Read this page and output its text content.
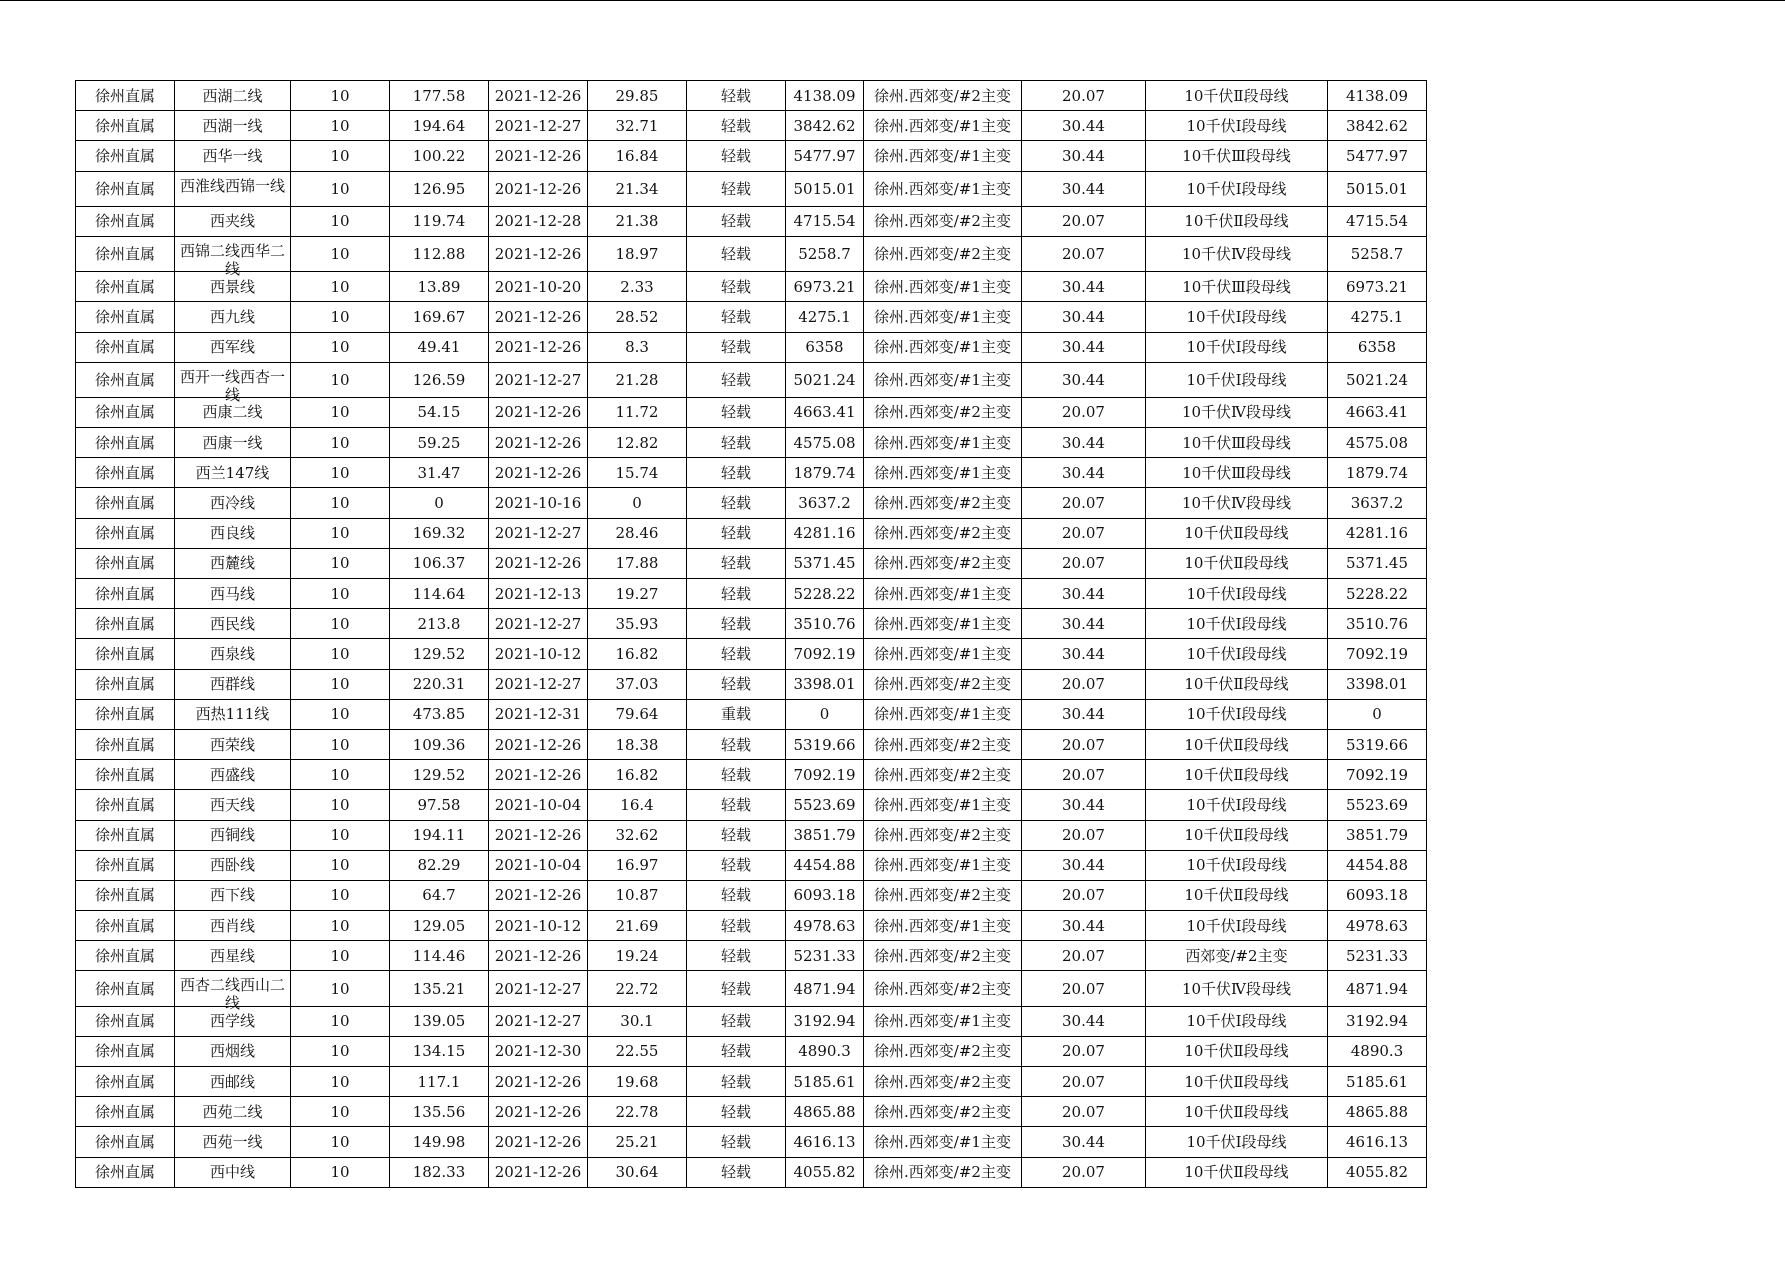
徐州直属	西湖二线	10	177.58	2021-12-26	29.85	轻载	4138.09	徐州.西郊变/#2主变	20.07	10千伏Ⅱ段母线	4138.09
徐州直属	西湖一线	10	194.64	2021-12-27	32.71	轻载	3842.62	徐州.西郊变/#1主变	30.44	10千伏Ⅰ段母线	3842.62
徐州直属	西华一线	10	100.22	2021-12-26	16.84	轻载	5477.97	徐州.西郊变/#1主变	30.44	10千伏Ⅲ段母线	5477.97
徐州直属	西淮线西锦一线	10	126.95	2021-12-26	21.34	轻载	5015.01	徐州.西郊变/#1主变	30.44	10千伏Ⅰ段母线	5015.01
徐州直属	西夹线	10	119.74	2021-12-28	21.38	轻载	4715.54	徐州.西郊变/#2主变	20.07	10千伏Ⅱ段母线	4715.54
徐州直属	西锦二线西华二线	10	112.88	2021-12-26	18.97	轻载	5258.7	徐州.西郊变/#2主变	20.07	10千伏Ⅳ段母线	5258.7
徐州直属	西景线	10	13.89	2021-10-20	2.33	轻载	6973.21	徐州.西郊变/#1主变	30.44	10千伏Ⅲ段母线	6973.21
徐州直属	西九线	10	169.67	2021-12-26	28.52	轻载	4275.1	徐州.西郊变/#1主变	30.44	10千伏Ⅰ段母线	4275.1
徐州直属	西军线	10	49.41	2021-12-26	8.3	轻载	6358	徐州.西郊变/#1主变	30.44	10千伏Ⅰ段母线	6358
徐州直属	西开一线西杏一线	10	126.59	2021-12-27	21.28	轻载	5021.24	徐州.西郊变/#1主变	30.44	10千伏Ⅰ段母线	5021.24
徐州直属	西康二线	10	54.15	2021-12-26	11.72	轻载	4663.41	徐州.西郊变/#2主变	20.07	10千伏Ⅳ段母线	4663.41
徐州直属	西康一线	10	59.25	2021-12-26	12.82	轻载	4575.08	徐州.西郊变/#1主变	30.44	10千伏Ⅲ段母线	4575.08
徐州直属	西兰147线	10	31.47	2021-12-26	15.74	轻载	1879.74	徐州.西郊变/#1主变	30.44	10千伏Ⅲ段母线	1879.74
徐州直属	西冷线	10	0	2021-10-16	0	轻载	3637.2	徐州.西郊变/#2主变	20.07	10千伏Ⅳ段母线	3637.2
徐州直属	西良线	10	169.32	2021-12-27	28.46	轻载	4281.16	徐州.西郊变/#2主变	20.07	10千伏Ⅱ段母线	4281.16
徐州直属	西麓线	10	106.37	2021-12-26	17.88	轻载	5371.45	徐州.西郊变/#2主变	20.07	10千伏Ⅱ段母线	5371.45
徐州直属	西马线	10	114.64	2021-12-13	19.27	轻载	5228.22	徐州.西郊变/#1主变	30.44	10千伏Ⅰ段母线	5228.22
徐州直属	西民线	10	213.8	2021-12-27	35.93	轻载	3510.76	徐州.西郊变/#1主变	30.44	10千伏Ⅰ段母线	3510.76
徐州直属	西泉线	10	129.52	2021-10-12	16.82	轻载	7092.19	徐州.西郊变/#1主变	30.44	10千伏Ⅰ段母线	7092.19
徐州直属	西群线	10	220.31	2021-12-27	37.03	轻载	3398.01	徐州.西郊变/#2主变	20.07	10千伏Ⅱ段母线	3398.01
徐州直属	西热111线	10	473.85	2021-12-31	79.64	重载	0	徐州.西郊变/#1主变	30.44	10千伏Ⅰ段母线	0
徐州直属	西荣线	10	109.36	2021-12-26	18.38	轻载	5319.66	徐州.西郊变/#2主变	20.07	10千伏Ⅱ段母线	5319.66
徐州直属	西盛线	10	129.52	2021-12-26	16.82	轻载	7092.19	徐州.西郊变/#2主变	20.07	10千伏Ⅱ段母线	7092.19
徐州直属	西天线	10	97.58	2021-10-04	16.4	轻载	5523.69	徐州.西郊变/#1主变	30.44	10千伏Ⅰ段母线	5523.69
徐州直属	西铜线	10	194.11	2021-12-26	32.62	轻载	3851.79	徐州.西郊变/#2主变	20.07	10千伏Ⅱ段母线	3851.79
徐州直属	西卧线	10	82.29	2021-10-04	16.97	轻载	4454.88	徐州.西郊变/#1主变	30.44	10千伏Ⅰ段母线	4454.88
徐州直属	西下线	10	64.7	2021-12-26	10.87	轻载	6093.18	徐州.西郊变/#2主变	20.07	10千伏Ⅱ段母线	6093.18
徐州直属	西肖线	10	129.05	2021-10-12	21.69	轻载	4978.63	徐州.西郊变/#1主变	30.44	10千伏Ⅰ段母线	4978.63
徐州直属	西星线	10	114.46	2021-12-26	19.24	轻载	5231.33	徐州.西郊变/#2主变	20.07	西郊变/#2主变	5231.33
徐州直属	西杏二线西山二线	10	135.21	2021-12-27	22.72	轻载	4871.94	徐州.西郊变/#2主变	20.07	10千伏Ⅳ段母线	4871.94
徐州直属	西学线	10	139.05	2021-12-27	30.1	轻载	3192.94	徐州.西郊变/#1主变	30.44	10千伏Ⅰ段母线	3192.94
徐州直属	西烟线	10	134.15	2021-12-30	22.55	轻载	4890.3	徐州.西郊变/#2主变	20.07	10千伏Ⅱ段母线	4890.3
徐州直属	西邮线	10	117.1	2021-12-26	19.68	轻载	5185.61	徐州.西郊变/#2主变	20.07	10千伏Ⅱ段母线	5185.61
徐州直属	西苑二线	10	135.56	2021-12-26	22.78	轻载	4865.88	徐州.西郊变/#2主变	20.07	10千伏Ⅱ段母线	4865.88
徐州直属	西苑一线	10	149.98	2021-12-26	25.21	轻载	4616.13	徐州.西郊变/#1主变	30.44	10千伏Ⅰ段母线	4616.13
徐州直属	西中线	10	182.33	2021-12-26	30.64	轻载	4055.82	徐州.西郊变/#2主变	20.07	10千伏Ⅱ段母线	4055.82
